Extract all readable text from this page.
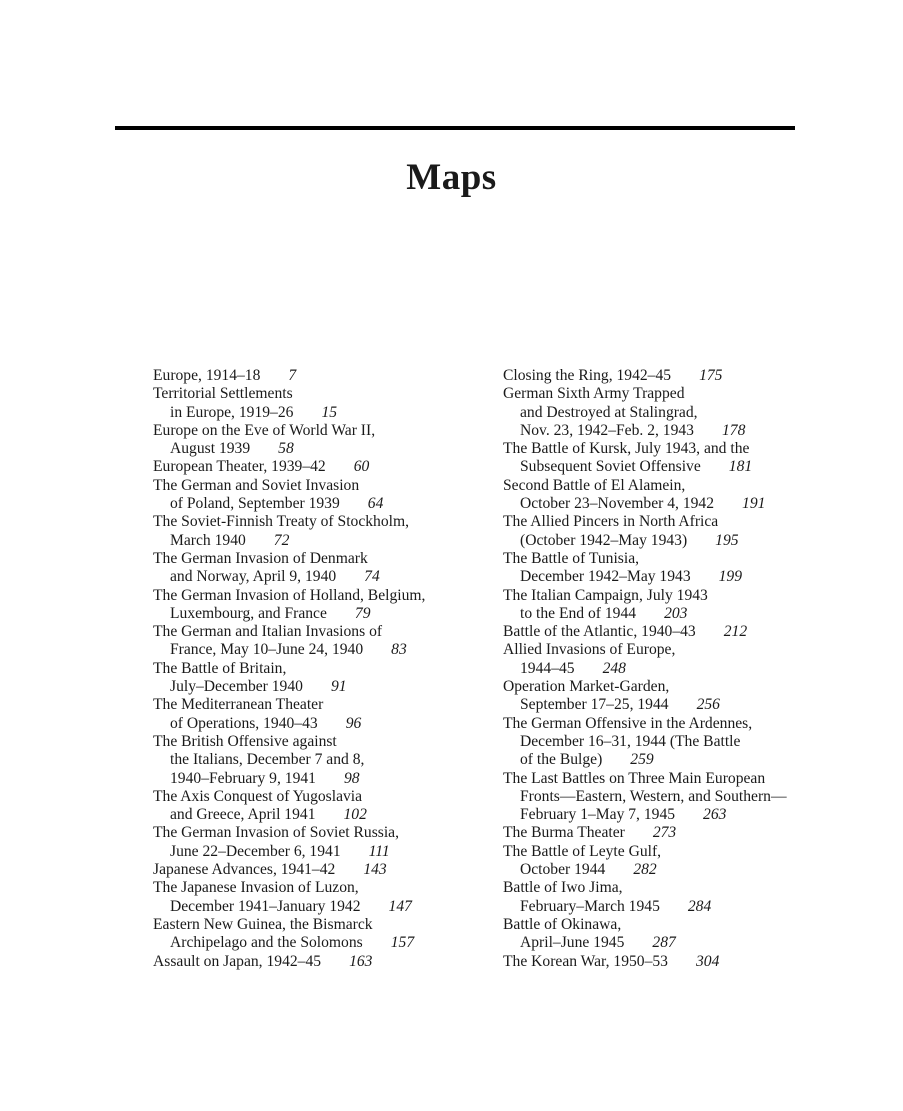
Maps
Europe, 1914–18 7
Territorial Settlements
in Europe, 1919–26 15
Europe on the Eve of World War II,
August 1939 58
European Theater, 1939–42 60
The German and Soviet Invasion
of Poland, September 1939 64
The Soviet-Finnish Treaty of Stockholm,
March 1940 72
The German Invasion of Denmark
and Norway, April 9, 1940 74
The German Invasion of Holland, Belgium,
Luxembourg, and France 79
The German and Italian Invasions of
France, May 10–June 24, 1940 83
The Battle of Britain,
July–December 1940 91
The Mediterranean Theater
of Operations, 1940–43 96
The British Offensive against
the Italians, December 7 and 8,
1940–February 9, 1941 98
The Axis Conquest of Yugoslavia
and Greece, April 1941 102
The German Invasion of Soviet Russia,
June 22–December 6, 1941 111
Japanese Advances, 1941–42 143
The Japanese Invasion of Luzon,
December 1941–January 1942 147
Eastern New Guinea, the Bismarck
Archipelago and the Solomons 157
Assault on Japan, 1942–45 163
Closing the Ring, 1942–45 175
German Sixth Army Trapped
and Destroyed at Stalingrad,
Nov. 23, 1942–Feb. 2, 1943 178
The Battle of Kursk, July 1943, and the
Subsequent Soviet Offensive 181
Second Battle of El Alamein,
October 23–November 4, 1942 191
The Allied Pincers in North Africa
(October 1942–May 1943) 195
The Battle of Tunisia,
December 1942–May 1943 199
The Italian Campaign, July 1943
to the End of 1944 203
Battle of the Atlantic, 1940–43 212
Allied Invasions of Europe,
1944–45 248
Operation Market-Garden,
September 17–25, 1944 256
The German Offensive in the Ardennes,
December 16–31, 1944 (The Battle
of the Bulge) 259
The Last Battles on Three Main European
Fronts—Eastern, Western, and Southern—
February 1–May 7, 1945 263
The Burma Theater 273
The Battle of Leyte Gulf,
October 1944 282
Battle of Iwo Jima,
February–March 1945 284
Battle of Okinawa,
April–June 1945 287
The Korean War, 1950–53 304
